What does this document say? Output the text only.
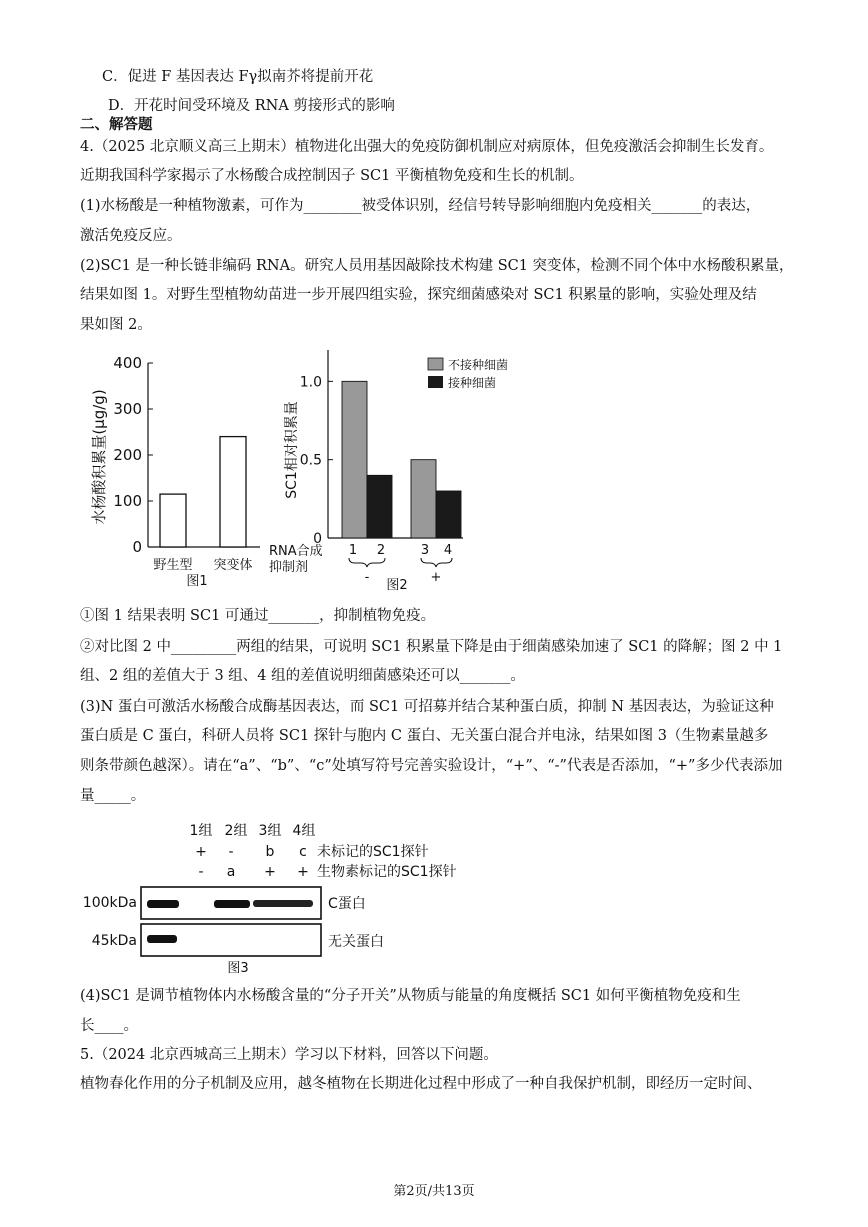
C．促进 F 基因表达 Fγ拟南芥将提前开花
D．开花时间受环境及 RNA 剪接形式的影响
二、解答题
4.（2025 北京顺义高三上期末）植物进化出强大的免疫防御机制应对病原体，但免疫激活会抑制生长发育。
近期我国科学家揭示了水杨酸合成控制因子 SC1 平衡植物免疫和生长的机制。
(1)水杨酸是一种植物激素，可作为________被受体识别，经信号转导影响细胞内免疫相关_______的表达，
激活免疫反应。
(2)SC1 是一种长链非编码 RNA。研究人员用基因敲除技术构建 SC1 突变体，检测不同个体中水杨酸积累量，
结果如图 1。对野生型植物幼苗进一步开展四组实验，探究细菌感染对 SC1 积累量的影响，实验处理及结
果如图 2。
0
100
200
300
400
野生型 突变体
水杨酸积累量(μg/g)
图1
0
0.5
1.0
SC1相对积累量
不接种细菌
接种细菌
RNA合成
抑制剂
1 2	3 4
-	+
图2
①图 1 结果表明 SC1 可通过_______，抑制植物免疫。
②对比图 2 中_________两组的结果，可说明 SC1 积累量下降是由于细菌感染加速了 SC1 的降解；图 2 中 1
组、2 组的差值大于 3 组、4 组的差值说明细菌感染还可以_______。
(3)N 蛋白可激活水杨酸合成酶基因表达，而 SC1 可招募并结合某种蛋白质，抑制 N 基因表达，为验证这种
蛋白质是 C 蛋白，科研人员将 SC1 探针与胞内 C 蛋白、无关蛋白混合并电泳，结果如图 3（生物素量越多
则条带颜色越深）。请在“a”、“b”、“c”处填写符号完善实验设计，“+”、“-”代表是否添加，“+”多少代表添加
量_____。
1组 2组 3组 4组
+ - b c 未标记的SC1探针
- a + + 生物素标记的SC1探针
100kDa	C蛋白
45kDa	无关蛋白
图3
(4)SC1 是调节植物体内水杨酸含量的“分子开关”从物质与能量的角度概括 SC1 如何平衡植物免疫和生
长____。
5.（2024 北京西城高三上期末）学习以下材料，回答以下问题。
植物春化作用的分子机制及应用，越冬植物在长期进化过程中形成了一种自我保护机制，即经历一定时间、
第2页/共13页
